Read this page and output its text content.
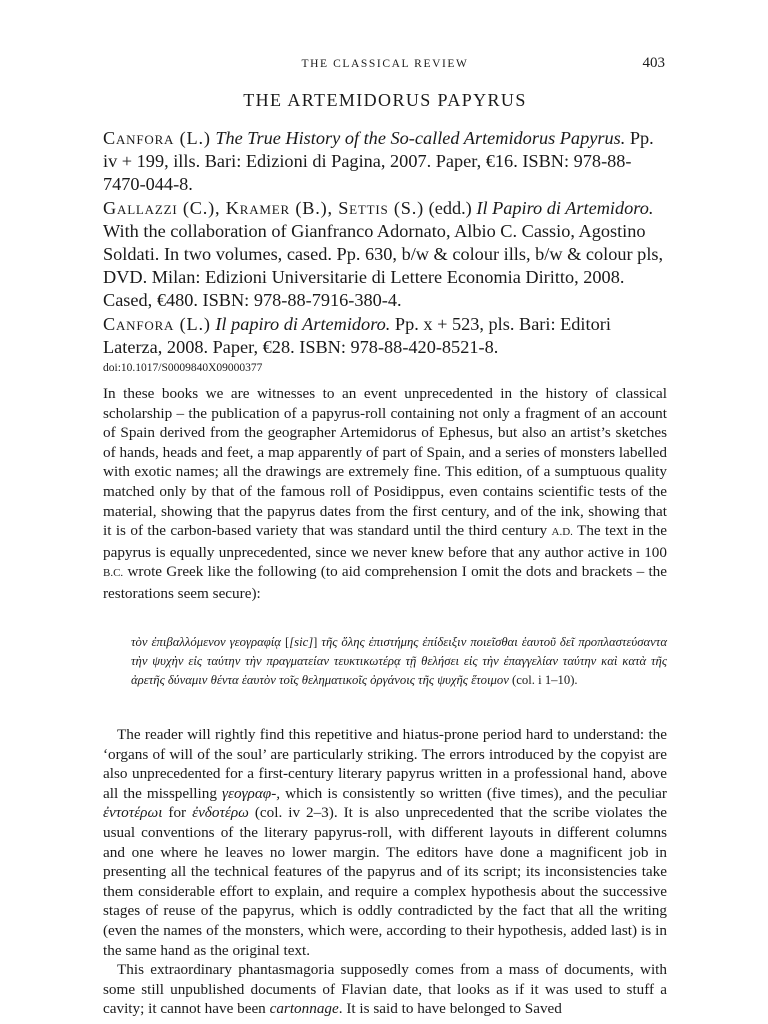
THE CLASSICAL REVIEW	403
THE ARTEMIDORUS PAPYRUS

Canfora (L.) The True History of the So-called Artemidorus Papyrus. Pp. iv + 199, ills. Bari: Edizioni di Pagina, 2007. Paper, €16. ISBN: 978-88-7470-044-8.

Gallazzi (C.), Kramer (B.), Settis (S.) (edd.) Il Papiro di Artemidoro. With the collaboration of Gianfranco Adornato, Albio C. Cassio, Agostino Soldati. In two volumes, cased. Pp. 630, b/w & colour ills, b/w & colour pls, DVD. Milan: Edizioni Universitarie di Lettere Economia Diritto, 2008. Cased, €480. ISBN: 978-88-7916-380-4.

Canfora (L.) Il papiro di Artemidoro. Pp. x + 523, pls. Bari: Editori Laterza, 2008. Paper, €28. ISBN: 978-88-420-8521-8.

doi:10.1017/S0009840X09000377

In these books we are witnesses to an event unprecedented in the history of classical scholarship – the publication of a papyrus-roll containing not only a fragment of an account of Spain derived from the geographer Artemidorus of Ephesus, but also an artist’s sketches of hands, heads and feet, a map apparently of part of Spain, and a series of monsters labelled with exotic names; all the drawings are extremely fine. This edition, of a sumptuous quality matched only by that of the famous roll of Posidippus, even contains scientific tests of the material, showing that the papyrus dates from the first century, and of the ink, showing that it is of the carbon-based variety that was standard until the third century A.D. The text in the papyrus is equally unprecedented, since we never knew before that any author active in 100 B.C. wrote Greek like the following (to aid comprehension I omit the dots and brackets – the restorations seem secure):

τὸν ἐπιβαλλόμενον γεογραφίᾳ [[sic]] τῆς ὅλης ἐπιστήμης ἐπίδειξιν ποιεῖσθαι ἑαυτοῦ δεῖ προπλαστεύσαντα τὴν ψυχὴν εἰς ταύτην τὴν πραγματείαν τευκτικωτέρᾳ τῇ θελήσει εἰς τὴν ἐπαγγελίαν ταύτην καὶ κατὰ τῆς ἀρετῆς δύναμιν θέντα ἑαυτὸν τοῖς θεληματικοῖς ὀργάνοις τῆς ψυχῆς ἕτοιμον (col. i 1–10).

The reader will rightly find this repetitive and hiatus-prone period hard to understand: the ‘organs of will of the soul’ are particularly striking. The errors introduced by the copyist are also unprecedented for a first-century literary papyrus written in a professional hand, above all the misspelling γεογραφ-, which is consistently so written (five times), and the peculiar ἐντοτέρωι for ἐνδοτέρω (col. iv 2–3). It is also unprecedented that the scribe violates the usual conventions of the literary papyrus-roll, with different layouts in different columns and one where he leaves no lower margin. The editors have done a magnificent job in presenting all the technical features of the papyrus and of its script; its inconsistencies take them considerable effort to explain, and require a complex hypothesis about the successive stages of reuse of the papyrus, which is oddly contradicted by the fact that all the writing (even the names of the monsters, which were, according to their hypothesis, added last) is in the same hand as the original text.

This extraordinary phantasmagoria supposedly comes from a mass of documents, with some still unpublished documents of Flavian date, that looks as if it was used to stuff a cavity; it cannot have been cartonnage. It is said to have belonged to Saved
